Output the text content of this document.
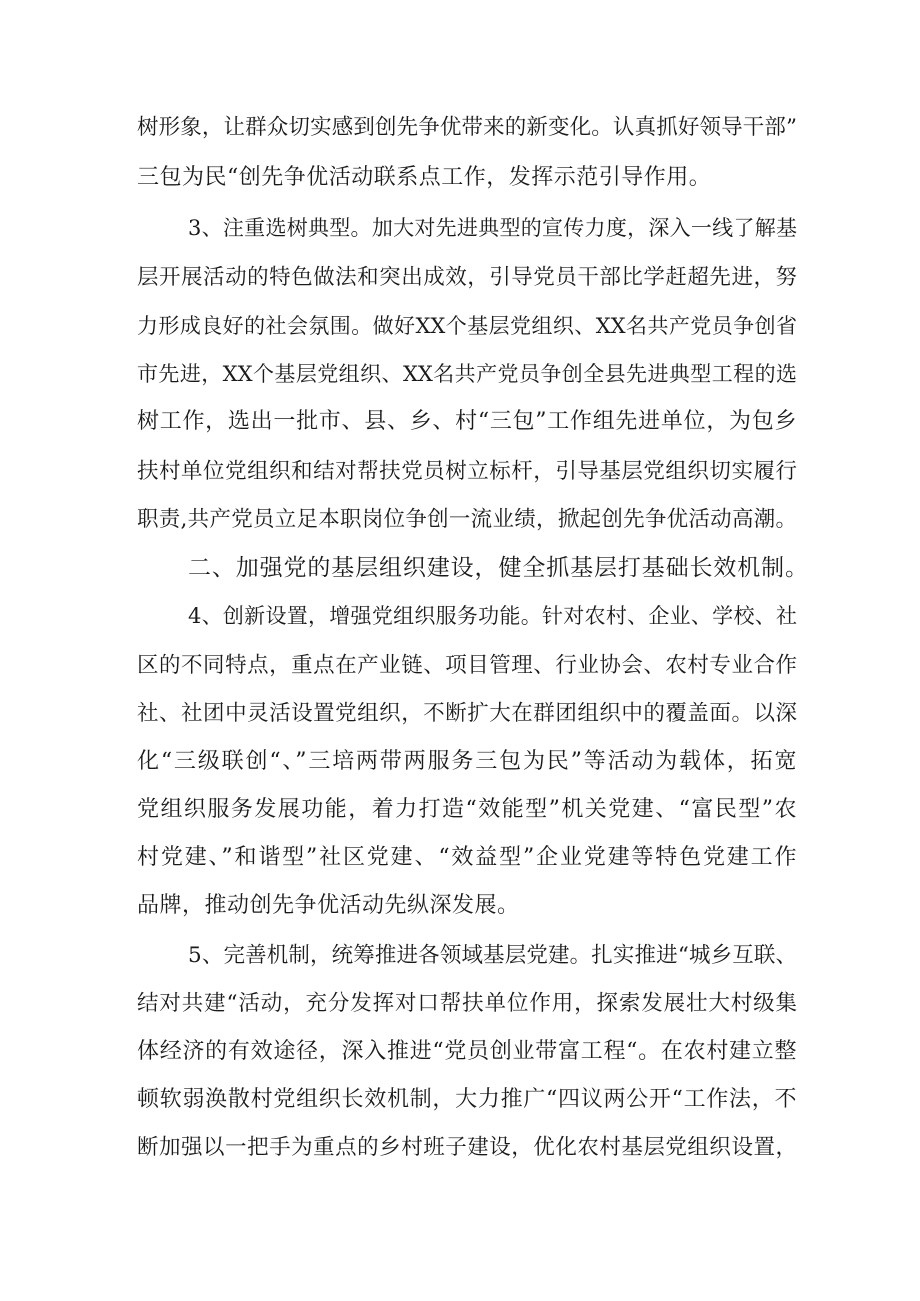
树形象，让群众切实感到创先争优带来的新变化。认真抓好领导干部”
三包为民“创先争优活动联系点工作，发挥示范引导作用。
3、注重选树典型。加大对先进典型的宣传力度，深入一线了解基
层开展活动的特色做法和突出成效，引导党员干部比学赶超先进，努
力形成良好的社会氛围。做好XX个基层党组织、XX名共产党员争创省
市先进，XX个基层党组织、XX名共产党员争创全县先进典型工程的选
树工作，选出一批市、县、乡、村“三包”工作组先进单位，为包乡
扶村单位党组织和结对帮扶党员树立标杆，引导基层党组织切实履行
职责,共产党员立足本职岗位争创一流业绩，掀起创先争优活动高潮。
二、加强党的基层组织建设，健全抓基层打基础长效机制。
4、创新设置，增强党组织服务功能。针对农村、企业、学校、社
区的不同特点，重点在产业链、项目管理、行业协会、农村专业合作
社、社团中灵活设置党组织，不断扩大在群团组织中的覆盖面。以深
化“三级联创“、”三培两带两服务三包为民”等活动为载体，拓宽
党组织服务发展功能，着力打造“效能型”机关党建、“富民型”农
村党建、”和谐型”社区党建、“效益型”企业党建等特色党建工作
品牌，推动创先争优活动先纵深发展。
5、完善机制，统筹推进各领域基层党建。扎实推进“城乡互联、
结对共建“活动，充分发挥对口帮扶单位作用，探索发展壮大村级集
体经济的有效途径，深入推进“党员创业带富工程“。在农村建立整
顿软弱涣散村党组织长效机制，大力推广“四议两公开“工作法，不
断加强以一把手为重点的乡村班子建设，优化农村基层党组织设置，
